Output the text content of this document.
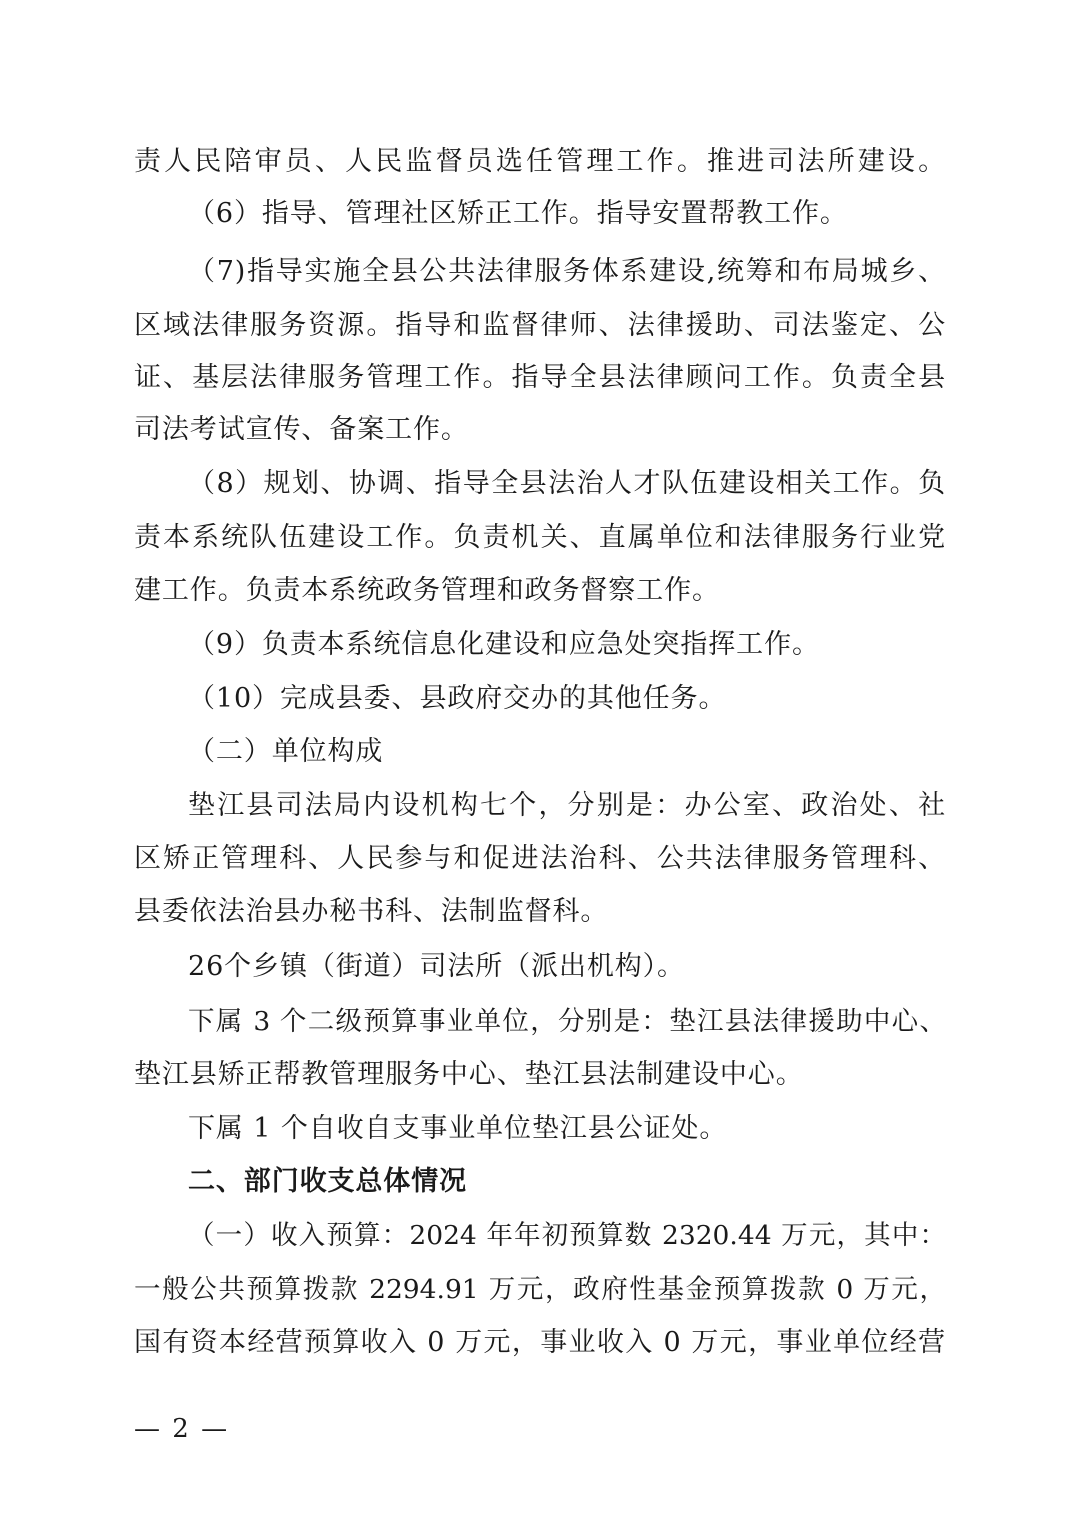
责人民陪审员、人民监督员选任管理工作。推进司法所建设。
（6）指导、管理社区矫正工作。指导安置帮教工作。
（7)指导实施全县公共法律服务体系建设,统筹和布局城乡、
区域法律服务资源。指导和监督律师、法律援助、司法鉴定、公
证、基层法律服务管理工作。指导全县法律顾问工作。负责全县
司法考试宣传、备案工作。
（8）规划、协调、指导全县法治人才队伍建设相关工作。负
责本系统队伍建设工作。负责机关、直属单位和法律服务行业党
建工作。负责本系统政务管理和政务督察工作。
（9）负责本系统信息化建设和应急处突指挥工作。
（10）完成县委、县政府交办的其他任务。
（二）单位构成
垫江县司法局内设机构七个，分别是：办公室、政治处、社
区矫正管理科、人民参与和促进法治科、公共法律服务管理科、
县委依法治县办秘书科、法制监督科。
26个乡镇（街道）司法所（派出机构）。
下属 3 个二级预算事业单位，分别是：垫江县法律援助中心、
垫江县矫正帮教管理服务中心、垫江县法制建设中心。
下属 1 个自收自支事业单位垫江县公证处。
二、部门收支总体情况
（一）收入预算：2024 年年初预算数 2320.44 万元，其中：
一般公共预算拨款 2294.91 万元，政府性基金预算拨款 0 万元，
国有资本经营预算收入 0 万元，事业收入 0 万元，事业单位经营
— 2 —
